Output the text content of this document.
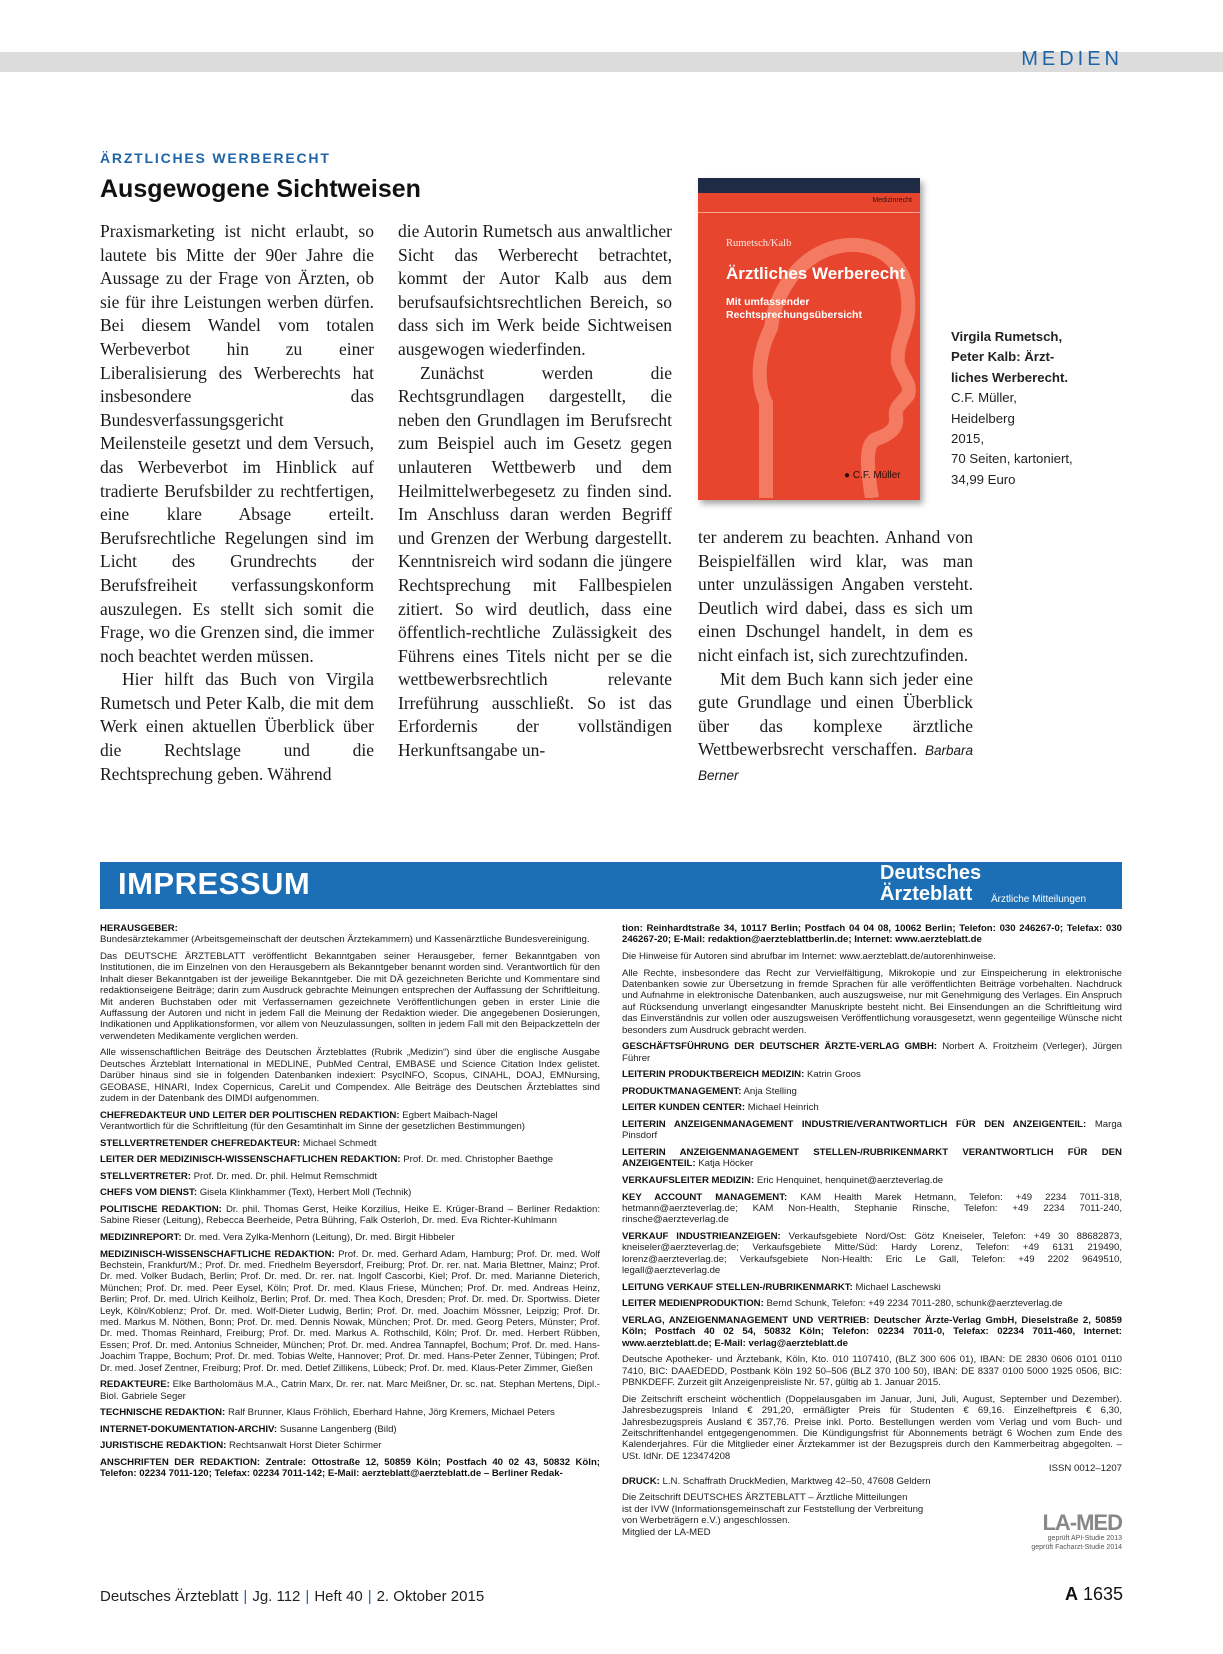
MEDIEN
ÄRZTLICHES WERBERECHT
Ausgewogene Sichtweisen

Praxismarketing ist nicht erlaubt, so lautete bis Mitte der 90er Jahre die Aussage zu der Frage von Ärzten, ob sie für ihre Leistungen werben dürfen. Bei diesem Wandel vom totalen Werbeverbot hin zu einer Liberalisierung des Werberechts hat insbesondere das Bundesverfassungsgericht Meilensteile gesetzt und dem Versuch, das Werbeverbot im Hinblick auf tradierte Berufsbilder zu rechtfertigen, eine klare Absage erteilt. Berufsrechtliche Regelungen sind im Licht des Grundrechts der Berufsfreiheit verfassungskonform auszulegen. Es stellt sich somit die Frage, wo die Grenzen sind, die immer noch beachtet werden müssen.

Hier hilft das Buch von Virgila Rumetsch und Peter Kalb, die mit dem Werk einen aktuellen Überblick über die Rechtslage und die Rechtsprechung geben. Während

die Autorin Rumetsch aus anwaltlicher Sicht das Werberecht betrachtet, kommt der Autor Kalb aus dem berufsaufsichtsrechtlichen Bereich, so dass sich im Werk beide Sichtweisen ausgewogen wiederfinden.

Zunächst werden die Rechtsgrundlagen dargestellt, die neben den Grundlagen im Berufsrecht zum Beispiel auch im Gesetz gegen unlauteren Wettbewerb und dem Heilmittelwerbegesetz zu finden sind. Im Anschluss daran werden Begriff und Grenzen der Werbung dargestellt. Kenntnisreich wird sodann die jüngere Rechtsprechung mit Fallbespielen zitiert. So wird deutlich, dass eine öffentlich-rechtliche Zulässigkeit des Führens eines Titels nicht per se die wettbewerbsrechtlich relevante Irreführung ausschließt. So ist das Erfordernis der vollständigen Herkunftsangabe un-

ter anderem zu beachten. Anhand von Beispielfällen wird klar, was man unter unzulässigen Angaben versteht. Deutlich wird dabei, dass es sich um einen Dschungel handelt, in dem es nicht einfach ist, sich zurechtzufinden.

Mit dem Buch kann sich jeder eine gute Grundlage und einen Überblick über das komplexe ärztliche Wettbewerbsrecht verschaffen. Barbara Berner

Medizinrecht
Rumetsch/Kalb
Ärztliches Werberecht
Mit umfassender Rechtsprechungsübersicht
● C.F. Müller
Virgila Rumetsch,
Peter Kalb: Ärzt-
liches Werberecht.
C.F. Müller, Heidelberg
2015,
70 Seiten, kartoniert,
34,99 Euro
IMPRESSUM	Deutsches
Ärzteblatt Ärztliche Mitteilungen

HERAUSGEBER:
Bundesärztekammer (Arbeitsgemeinschaft der deutschen Ärztekammern) und Kassenärztliche Bundesvereinigung.

Das DEUTSCHE ÄRZTEBLATT veröffentlicht Bekanntgaben seiner Herausgeber, ferner Bekanntgaben von Institutionen, die im Einzelnen von den Herausgebern als Bekanntgeber benannt worden sind. Verantwortlich für den Inhalt dieser Bekanntgaben ist der jeweilige Bekanntgeber. Die mit DÄ gezeichneten Berichte und Kommentare sind redaktionseigene Beiträge; darin zum Ausdruck gebrachte Meinungen entsprechen der Auffassung der Schriftleitung. Mit anderen Buchstaben oder mit Verfassernamen gezeichnete Veröffentlichungen geben in erster Linie die Auffassung der Autoren und nicht in jedem Fall die Meinung der Redaktion wieder. Die angegebenen Dosierungen, Indikationen und Applikationsformen, vor allem von Neuzulassungen, sollten in jedem Fall mit den Beipackzetteln der verwendeten Medikamente verglichen werden.

Alle wissenschaftlichen Beiträge des Deutschen Ärzteblattes (Rubrik „Medizin“) sind über die englische Ausgabe Deutsches Ärzteblatt International in MEDLINE, PubMed Central, EMBASE und Science Citation Index gelistet. Darüber hinaus sind sie in folgenden Datenbanken indexiert: PsycINFO, Scopus, CINAHL, DOAJ, EMNursing, GEOBASE, HINARI, Index Copernicus, CareLit und Compendex. Alle Beiträge des Deutschen Ärzteblattes sind zudem in der Datenbank des DIMDI aufgenommen.

CHEFREDAKTEUR UND LEITER DER POLITISCHEN REDAKTION: Egbert Maibach-Nagel
Verantwortlich für die Schriftleitung (für den Gesamtinhalt im Sinne der gesetzlichen Bestimmungen)

STELLVERTRETENDER CHEFREDAKTEUR: Michael Schmedt

LEITER DER MEDIZINISCH-WISSENSCHAFTLICHEN REDAKTION: Prof. Dr. med. Christopher Baethge

STELLVERTRETER: Prof. Dr. med. Dr. phil. Helmut Remschmidt

CHEFS VOM DIENST: Gisela Klinkhammer (Text), Herbert Moll (Technik)

POLITISCHE REDAKTION: Dr. phil. Thomas Gerst, Heike Korzilius, Heike E. Krüger-Brand – Berliner Redaktion: Sabine Rieser (Leitung), Rebecca Beerheide, Petra Bühring, Falk Osterloh, Dr. med. Eva Richter-Kuhlmann

MEDIZINREPORT: Dr. med. Vera Zylka-Menhorn (Leitung), Dr. med. Birgit Hibbeler

MEDIZINISCH-WISSENSCHAFTLICHE REDAKTION: Prof. Dr. med. Gerhard Adam, Hamburg; Prof. Dr. med. Wolf Bechstein, Frankfurt/M.; Prof. Dr. med. Friedhelm Beyersdorf, Freiburg; Prof. Dr. rer. nat. Maria Blettner, Mainz; Prof. Dr. med. Volker Budach, Berlin; Prof. Dr. med. Dr. rer. nat. Ingolf Cascorbi, Kiel; Prof. Dr. med. Marianne Dieterich, München; Prof. Dr. med. Peer Eysel, Köln; Prof. Dr. med. Klaus Friese, München; Prof. Dr. med. Andreas Heinz, Berlin; Prof. Dr. med. Ulrich Keilholz, Berlin; Prof. Dr. med. Thea Koch, Dresden; Prof. Dr. med. Dr. Sportwiss. Dieter Leyk, Köln/Koblenz; Prof. Dr. med. Wolf-Dieter Ludwig, Berlin; Prof. Dr. med. Joachim Mössner, Leipzig; Prof. Dr. med. Markus M. Nöthen, Bonn; Prof. Dr. med. Dennis Nowak, München; Prof. Dr. med. Georg Peters, Münster; Prof. Dr. med. Thomas Reinhard, Freiburg; Prof. Dr. med. Markus A. Rothschild, Köln; Prof. Dr. med. Herbert Rübben, Essen; Prof. Dr. med. Antonius Schneider, München; Prof. Dr. med. Andrea Tannapfel, Bochum; Prof. Dr. med. Hans-Joachim Trappe, Bochum; Prof. Dr. med. Tobias Welte, Hannover; Prof. Dr. med. Hans-Peter Zenner, Tübingen; Prof. Dr. med. Josef Zentner, Freiburg; Prof. Dr. med. Detlef Zillikens, Lübeck; Prof. Dr. med. Klaus-Peter Zimmer, Gießen

REDAKTEURE: Elke Bartholomäus M.A., Catrin Marx, Dr. rer. nat. Marc Meißner, Dr. sc. nat. Stephan Mertens, Dipl.-Biol. Gabriele Seger

TECHNISCHE REDAKTION: Ralf Brunner, Klaus Fröhlich, Eberhard Hahne, Jörg Kremers, Michael Peters

INTERNET-DOKUMENTATION-ARCHIV: Susanne Langenberg (Bild)

JURISTISCHE REDAKTION: Rechtsanwalt Horst Dieter Schirmer

ANSCHRIFTEN DER REDAKTION: Zentrale: Ottostraße 12, 50859 Köln; Postfach 40 02 43, 50832 Köln; Telefon: 02234 7011-120; Telefax: 02234 7011-142; E-Mail: aerzteblatt@aerzteblatt.de – Berliner Redak-

tion: Reinhardtstraße 34, 10117 Berlin; Postfach 04 04 08, 10062 Berlin; Telefon: 030 246267-0; Telefax: 030 246267-20; E-Mail: redaktion@aerzteblattberlin.de; Internet: www.aerzteblatt.de

Die Hinweise für Autoren sind abrufbar im Internet: www.aerzteblatt.de/autorenhinweise.

Alle Rechte, insbesondere das Recht zur Vervielfältigung, Mikrokopie und zur Einspeicherung in elektronische Datenbanken sowie zur Übersetzung in fremde Sprachen für alle veröffentlichten Beiträge vorbehalten. Nachdruck und Aufnahme in elektronische Datenbanken, auch auszugsweise, nur mit Genehmigung des Verlages. Ein Anspruch auf Rücksendung unverlangt eingesandter Manuskripte besteht nicht. Bei Einsendungen an die Schriftleitung wird das Einverständnis zur vollen oder auszugsweisen Veröffentlichung vorausgesetzt, wenn gegenteilige Wünsche nicht besonders zum Ausdruck gebracht werden.

GESCHÄFTSFÜHRUNG DER DEUTSCHER ÄRZTE-VERLAG GMBH: Norbert A. Froitzheim (Verleger), Jürgen Führer

LEITERIN PRODUKTBEREICH MEDIZIN: Katrin Groos

PRODUKTMANAGEMENT: Anja Stelling

LEITER KUNDEN CENTER: Michael Heinrich

LEITERIN ANZEIGENMANAGEMENT INDUSTRIE/VERANTWORTLICH FÜR DEN ANZEIGENTEIL: Marga Pinsdorf

LEITERIN ANZEIGENMANAGEMENT STELLEN-/RUBRIKENMARKT VERANTWORTLICH FÜR DEN ANZEIGENTEIL: Katja Höcker

VERKAUFSLEITER MEDIZIN: Eric Henquinet, henquinet@aerzteverlag.de

KEY ACCOUNT MANAGEMENT: KAM Health Marek Hetmann, Telefon: +49 2234 7011-318, hetmann@aerzteverlag.de; KAM Non-Health, Stephanie Rinsche, Telefon: +49 2234 7011-240, rinsche@aerzteverlag.de

VERKAUF INDUSTRIEANZEIGEN: Verkaufsgebiete Nord/Ost: Götz Kneiseler, Telefon: +49 30 88682873, kneiseler@aerzteverlag.de; Verkaufsgebiete Mitte/Süd: Hardy Lorenz, Telefon: +49 6131 219490, lorenz@aerzteverlag.de; Verkaufsgebiete Non-Health: Eric Le Gall, Telefon: +49 2202 9649510, legall@aerzteverlag.de

LEITUNG VERKAUF STELLEN-/RUBRIKENMARKT: Michael Laschewski

LEITER MEDIENPRODUKTION: Bernd Schunk, Telefon: +49 2234 7011-280, schunk@aerzteverlag.de

VERLAG, ANZEIGENMANAGEMENT UND VERTRIEB: Deutscher Ärzte-Verlag GmbH, Dieselstraße 2, 50859 Köln; Postfach 40 02 54, 50832 Köln; Telefon: 02234 7011-0, Telefax: 02234 7011-460, Internet: www.aerzteblatt.de; E-Mail: verlag@aerzteblatt.de

Deutsche Apotheker- und Ärztebank, Köln, Kto. 010 1107410, (BLZ 300 606 01), IBAN: DE 2830 0606 0101 0110 7410, BIC: DAAEDEDD, Postbank Köln 192 50–506 (BLZ 370 100 50), IBAN: DE 8337 0100 5000 1925 0506, BIC: PBNKDEFF. Zurzeit gilt Anzeigenpreisliste Nr. 57, gültig ab 1. Januar 2015.

Die Zeitschrift erscheint wöchentlich (Doppelausgaben im Januar, Juni, Juli, August, September und Dezember). Jahresbezugspreis Inland € 291,20, ermäßigter Preis für Studenten € 69,16. Einzelheftpreis € 6,30, Jahresbezugspreis Ausland € 357,76. Preise inkl. Porto. Bestellungen werden vom Verlag und vom Buch- und Zeitschriftenhandel entgegengenommen. Die Kündigungsfrist für Abonnements beträgt 6 Wochen zum Ende des Kalenderjahres. Für die Mitglieder einer Ärztekammer ist der Bezugspreis durch den Kammerbeitrag abgegolten. – USt. IdNr. DE 123474208

ISSN 0012–1207

DRUCK: L.N. Schaffrath DruckMedien, Marktweg 42–50, 47608 Geldern

Die Zeitschrift DEUTSCHES ÄRZTEBLATT – Ärztliche Mitteilungen
ist der IVW (Informationsgemeinschaft zur Feststellung der Verbreitung
von Werbeträgern e.V.) angeschlossen.

Mitglied der LA-MED	LA-MED
geprüft API-Studie 2013
geprüft Facharzt-Studie 2014
Deutsches Ärzteblatt | Jg. 112 | Heft 40 | 2. Oktober 2015	A 1635
